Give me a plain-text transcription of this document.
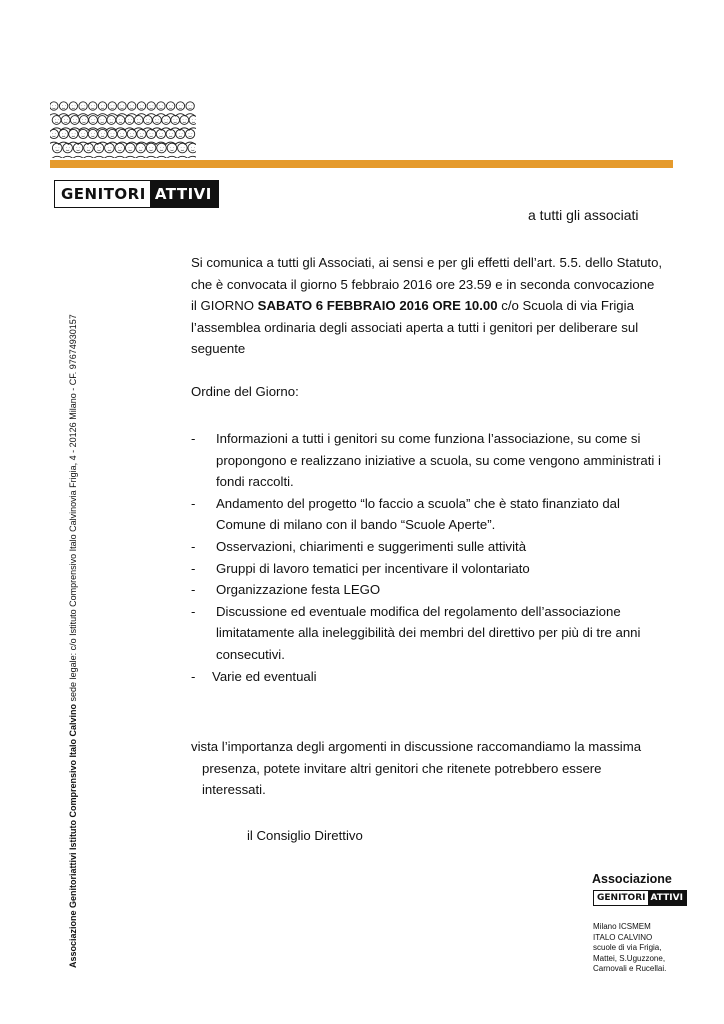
GENITORI ATTIVI
a tutti gli associati
Associazione Genitoriattivi Istituto Comprensivo Italo Calvino sede legale: c/o Istituto Comprensivo Italo Calvinovia Frigia, 4 - 20126 Milano - CF. 97674930157

Si comunica a tutti gli Associati, ai sensi e per gli effetti dell’art. 5.5. dello Statuto,

che è convocata il giorno 5 febbraio 2016 ore 23.59 e in seconda convocazione

il GIORNO SABATO 6 FEBBRAIO 2016 ORE 10.00 c/o Scuola di via Frigia

l’assemblea ordinaria degli associati aperta a tutti i genitori per deliberare sul

seguente

Ordine del Giorno:
- Informazioni a tutti i genitori su come funziona l’associazione, su come si
propongono e realizzano iniziative a scuola, su come vengono amministrati i
fondi raccolti.
- Andamento del progetto “lo faccio a scuola” che è stato finanziato dal
Comune di milano con il bando “Scuole Aperte”.
- Osservazioni, chiarimenti e suggerimenti sulle attività
- Gruppi di lavoro tematici per incentivare il volontariato
- Organizzazione festa LEGO
- Discussione ed eventuale modifica del regolamento dell’associazione
limitatamente alla ineleggibilità dei membri del direttivo per più di tre anni
consecutivi.
- Varie ed eventuali

vista l’importanza degli argomenti in discussione raccomandiamo la massima

presenza, potete invitare altri genitori che ritenete potrebbero essere

interessati.

il Consiglio Direttivo
Associazione
GENITORI ATTIVI
Milano ICSMEM
ITALO CALVINO
scuole di via Frigia,
Mattei, S.Uguzzone,
Carnovali e Rucellai.
